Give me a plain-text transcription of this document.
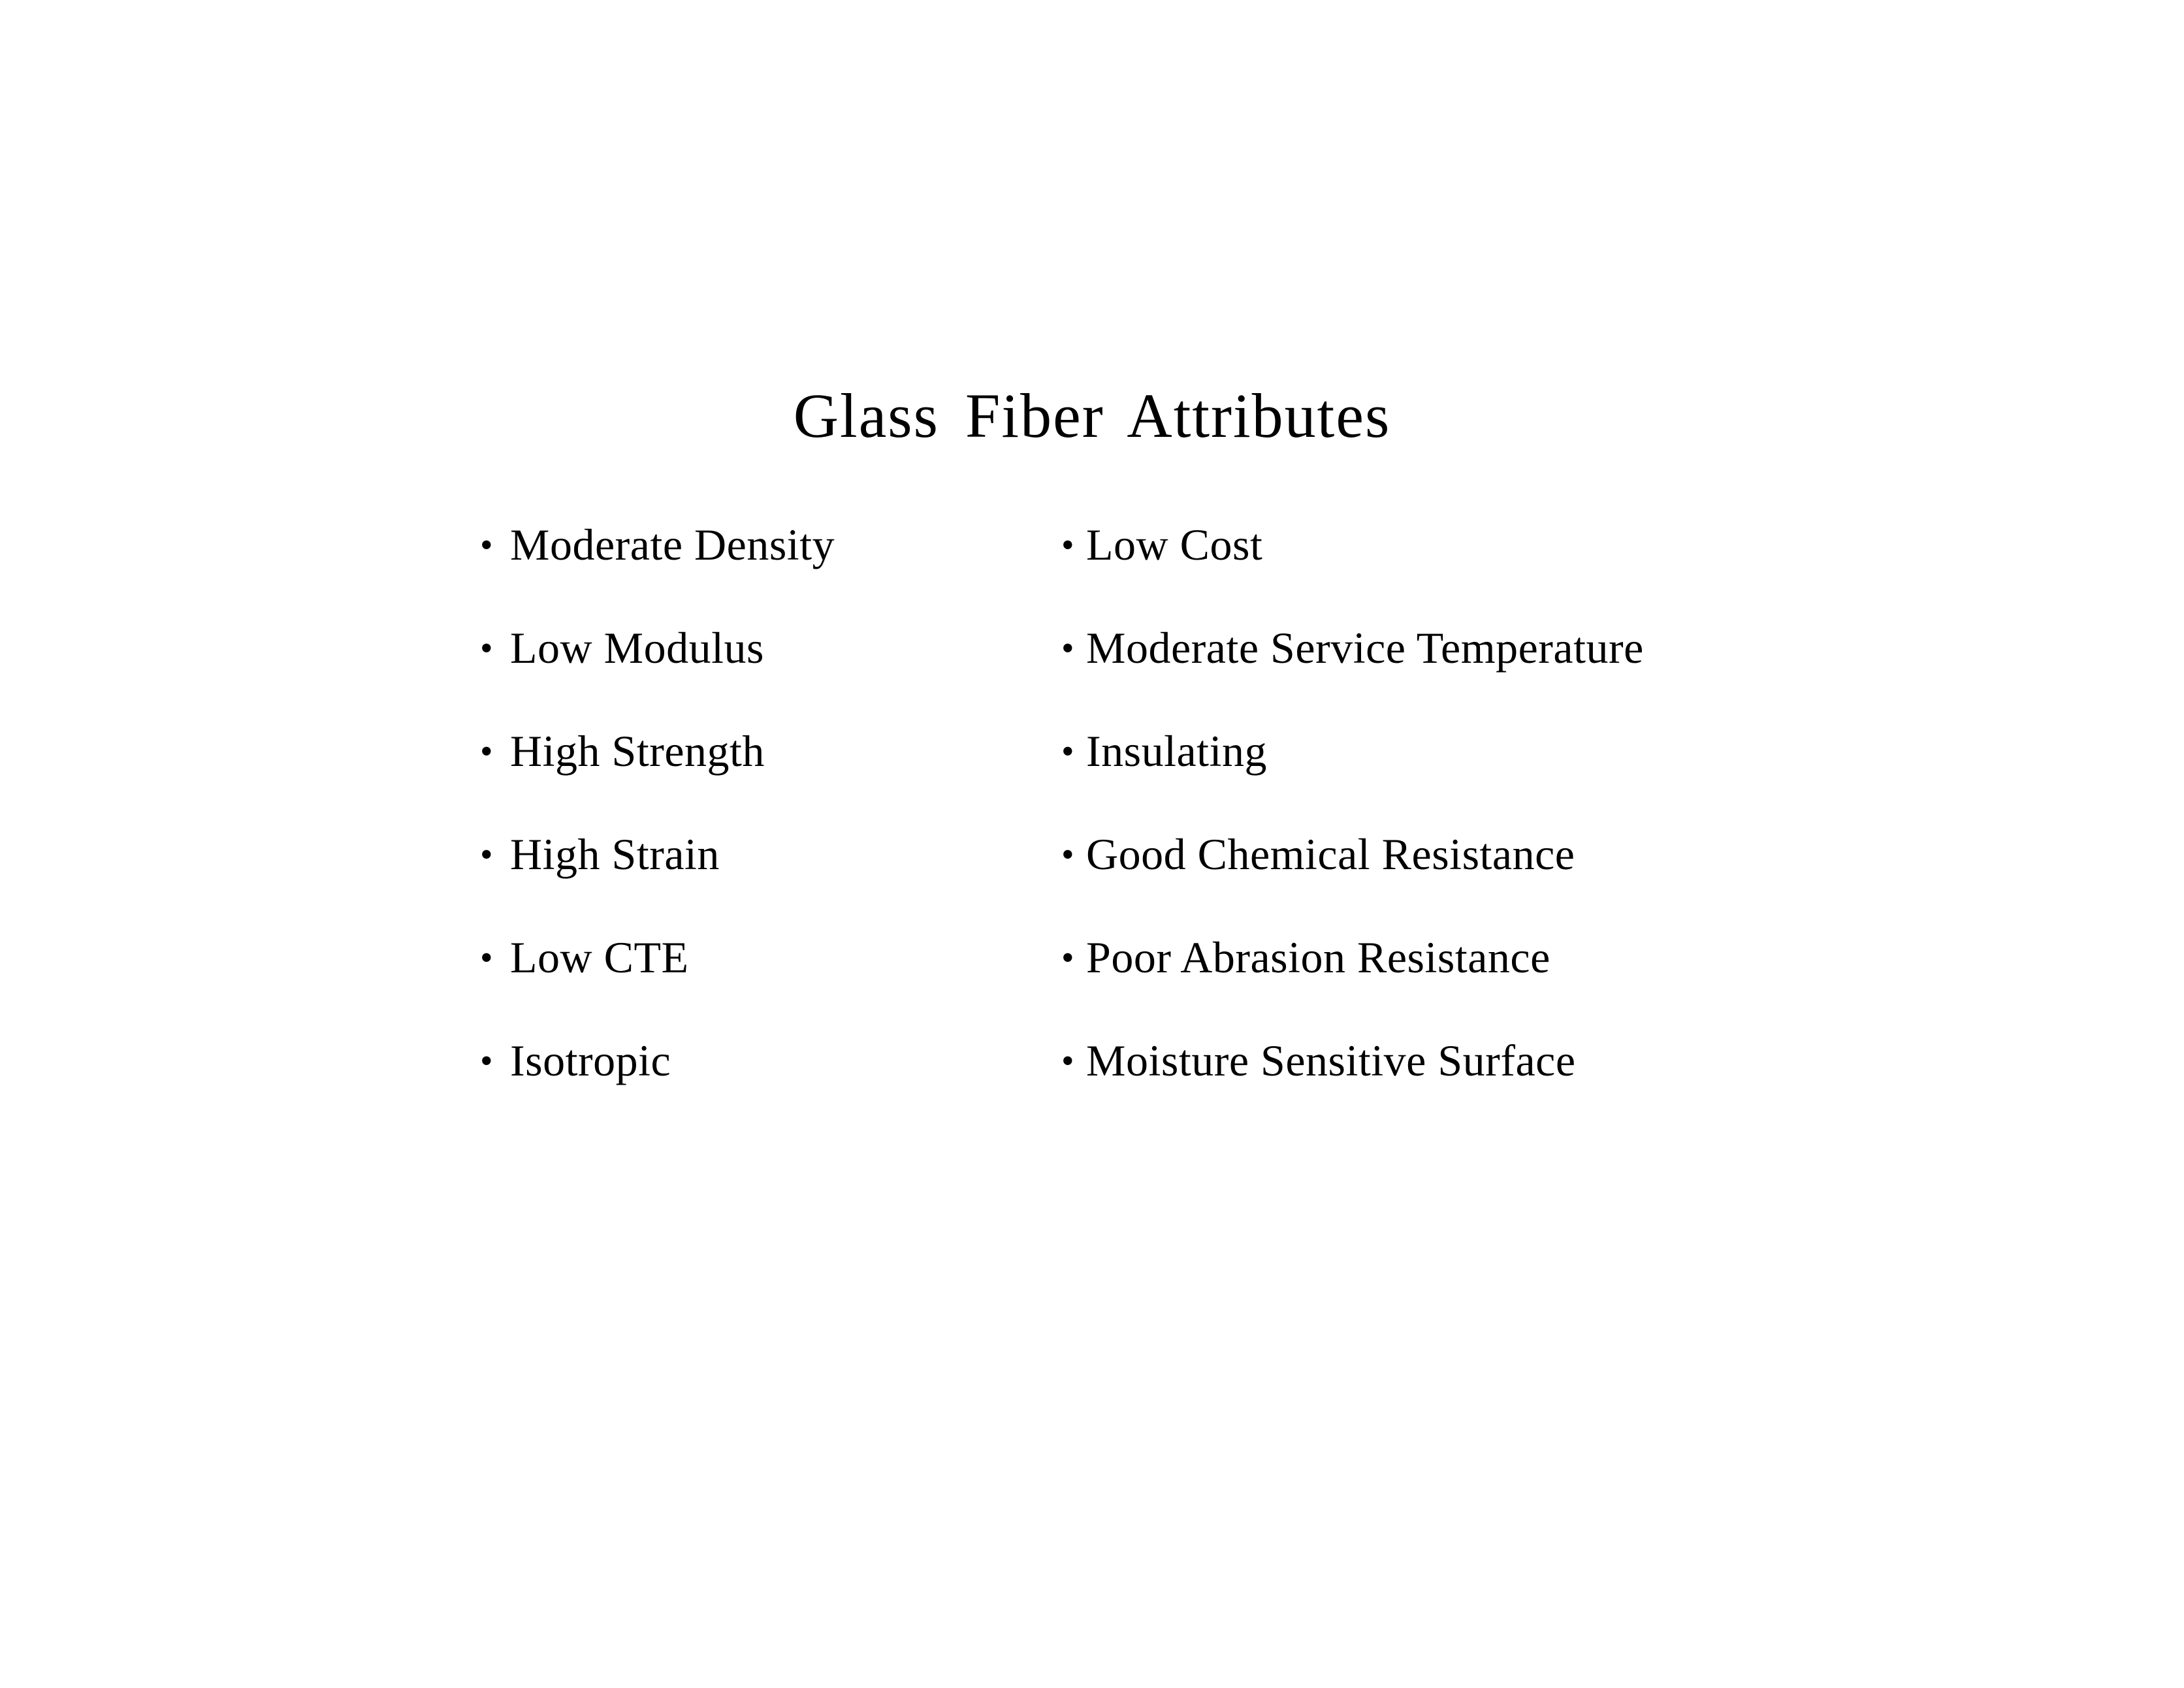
Glass Fiber Attributes
• Moderate Density
• Low Modulus
• High Strength
• High Strain
• Low CTE
• Isotropic
• Low Cost
• Moderate Service Temperature
• Insulating
• Good Chemical Resistance
• Poor Abrasion Resistance
• Moisture Sensitive Surface
